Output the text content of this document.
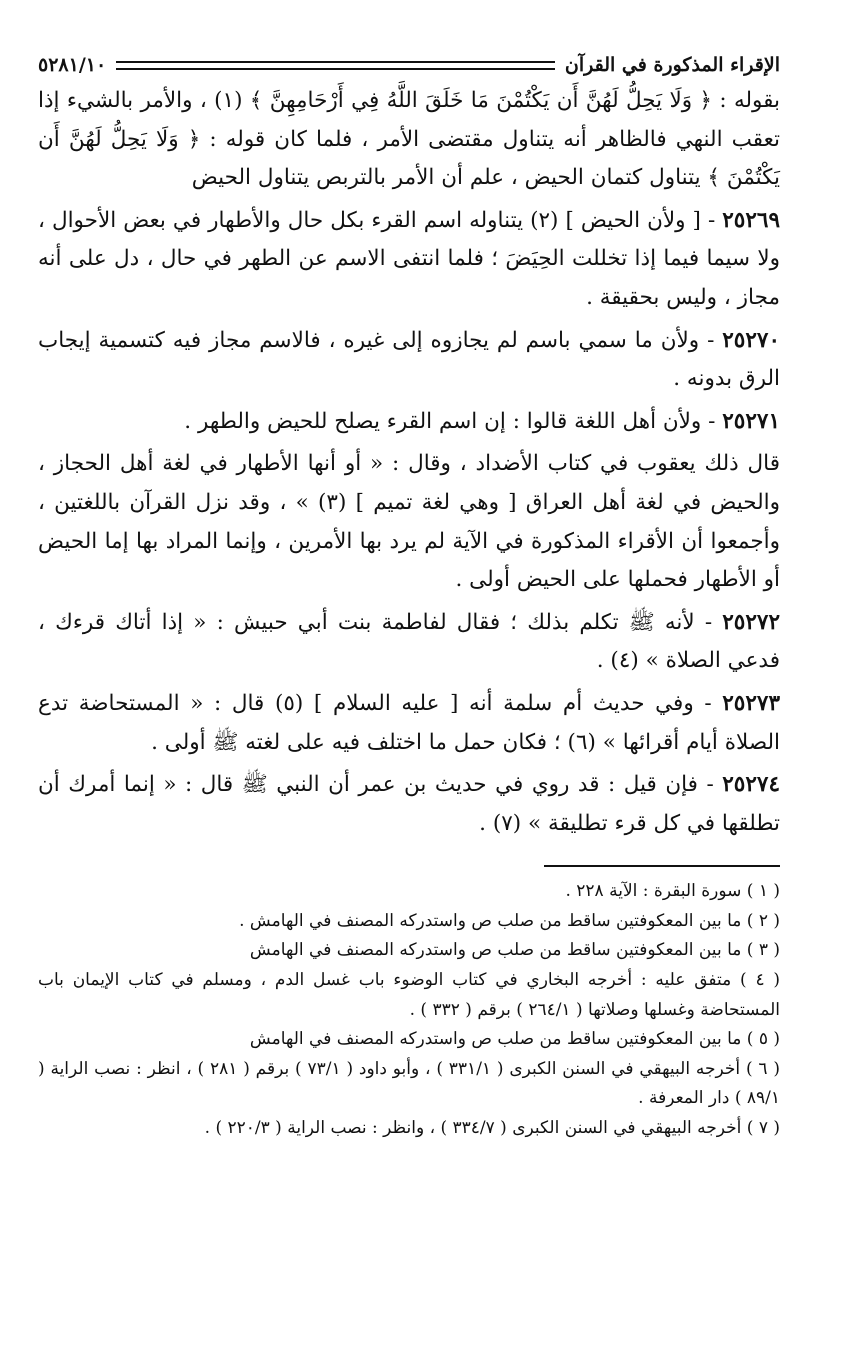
الإقراء المذكورة في القرآن
٥٢٨١/١٠

بقوله : ﴿ وَلَا يَحِلُّ لَهُنَّ أَن يَكْتُمْنَ مَا خَلَقَ اللَّهُ فِي أَرْحَامِهِنَّ ﴾ (١) ، والأمر بالشيء إذا تعقب النهي فالظاهر أنه يتناول مقتضى الأمر ، فلما كان قوله : ﴿ وَلَا يَحِلُّ لَهُنَّ أَن يَكْتُمْنَ ﴾ يتناول كتمان الحيض ، علم أن الأمر بالتربص يتناول الحيض

٢٥٢٦٩ - [ ولأن الحيض ] (٢) يتناوله اسم القرء بكل حال والأطهار في بعض الأحوال ، ولا سيما فيما إذا تخللت الحِيَضَ ؛ فلما انتفى الاسم عن الطهر في حال ، دل على أنه مجاز ، وليس بحقيقة .

٢٥٢٧٠ - ولأن ما سمي باسم لم يجازوه إلى غيره ، فالاسم مجاز فيه كتسمية إيجاب الرق بدونه .

٢٥٢٧١ - ولأن أهل اللغة قالوا : إن اسم القرء يصلح للحيض والطهر .

قال ذلك يعقوب في كتاب الأضداد ، وقال : « أو أنها الأطهار في لغة أهل الحجاز ، والحيض في لغة أهل العراق [ وهي لغة تميم ] (٣) » ، وقد نزل القرآن باللغتين ، وأجمعوا أن الأقراء المذكورة في الآية لم يرد بها الأمرين ، وإنما المراد بها إما الحيض أو الأطهار فحملها على الحيض أولى .

٢٥٢٧٢ - لأنه ﷺ تكلم بذلك ؛ فقال لفاطمة بنت أبي حبيش : « إذا أتاك قرءك ، فدعي الصلاة » (٤) .

٢٥٢٧٣ - وفي حديث أم سلمة أنه [ عليه السلام ] (٥) قال : « المستحاضة تدع الصلاة أيام أقرائها » (٦) ؛ فكان حمل ما اختلف فيه على لغته ﷺ أولى .

٢٥٢٧٤ - فإن قيل : قد روي في حديث بن عمر أن النبي ﷺ قال : « إنما أمرك أن تطلقها في كل قرء تطليقة » (٧) .

( ١ ) سورة البقرة : الآية ٢٢٨ .

( ٢ ) ما بين المعكوفتين ساقط من صلب ص واستدركه المصنف في الهامش .

( ٣ ) ما بين المعكوفتين ساقط من صلب ص واستدركه المصنف في الهامش

( ٤ ) متفق عليه : أخرجه البخاري في كتاب الوضوء باب غسل الدم ، ومسلم في كتاب الإيمان باب المستحاضة وغسلها وصلاتها ( ٢٦٤/١ ) برقم ( ٣٣٢ ) .

( ٥ ) ما بين المعكوفتين ساقط من صلب ص واستدركه المصنف في الهامش

( ٦ ) أخرجه البيهقي في السنن الكبرى ( ٣٣١/١ ) ، وأبو داود ( ٧٣/١ ) برقم ( ٢٨١ ) ، انظر : نصب الراية ( ٨٩/١ ) دار المعرفة .

( ٧ ) أخرجه البيهقي في السنن الكبرى ( ٣٣٤/٧ ) ، وانظر : نصب الراية ( ٢٢٠/٣ ) .
